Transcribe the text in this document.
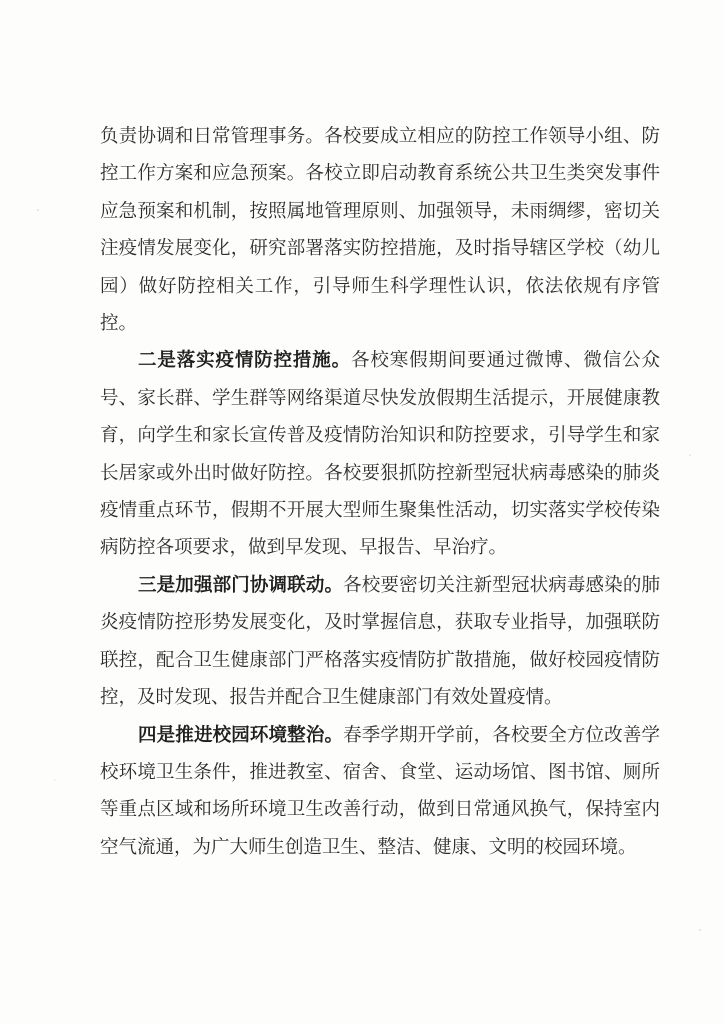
负责协调和日常管理事务。各校要成立相应的防控工作领导小组、防控工作方案和应急预案。各校立即启动教育系统公共卫生类突发事件应急预案和机制，按照属地管理原则、加强领导，未雨绸缪，密切关注疫情发展变化，研究部署落实防控措施，及时指导辖区学校（幼儿园）做好防控相关工作，引导师生科学理性认识，依法依规有序管控。

二是落实疫情防控措施。各校寒假期间要通过微博、微信公众号、家长群、学生群等网络渠道尽快发放假期生活提示，开展健康教育，向学生和家长宣传普及疫情防治知识和防控要求，引导学生和家长居家或外出时做好防控。各校要狠抓防控新型冠状病毒感染的肺炎疫情重点环节，假期不开展大型师生聚集性活动，切实落实学校传染病防控各项要求，做到早发现、早报告、早治疗。

三是加强部门协调联动。各校要密切关注新型冠状病毒感染的肺炎疫情防控形势发展变化，及时掌握信息，获取专业指导，加强联防联控，配合卫生健康部门严格落实疫情防扩散措施，做好校园疫情防控，及时发现、报告并配合卫生健康部门有效处置疫情。

四是推进校园环境整治。春季学期开学前，各校要全方位改善学校环境卫生条件，推进教室、宿舍、食堂、运动场馆、图书馆、厕所等重点区域和场所环境卫生改善行动，做到日常通风换气，保持室内空气流通，为广大师生创造卫生、整洁、健康、文明的校园环境。
